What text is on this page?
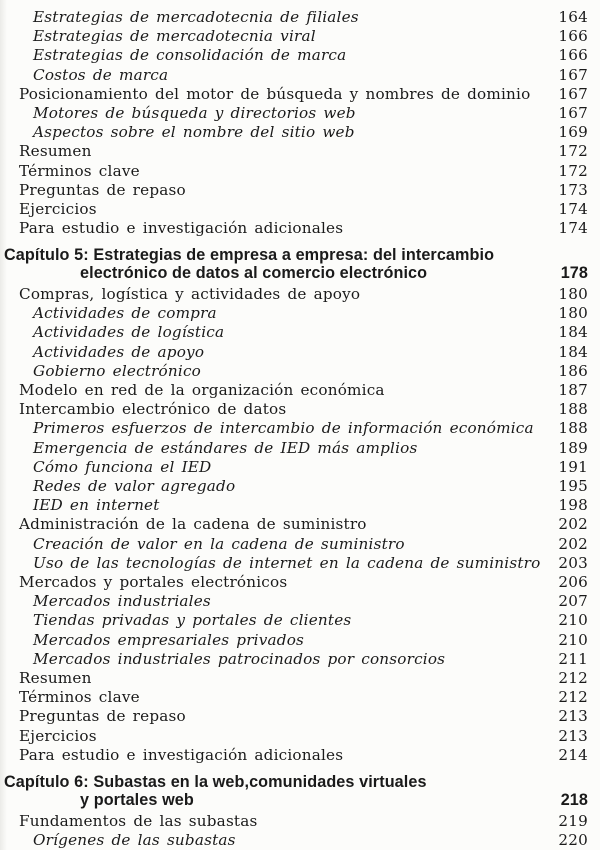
Estrategias de mercadotecnia de filiales	164
Estrategias de mercadotecnia viral	166
Estrategias de consolidación de marca	166
Costos de marca	167
Posicionamiento del motor de búsqueda y nombres de dominio 167
Motores de búsqueda y directorios web	167
Aspectos sobre el nombre del sitio web	169
Resumen	172
Términos clave	172
Preguntas de repaso	173
Ejercicios	174
Para estudio e investigación adicionales	174
Capítulo 5: Estrategias de empresa a empresa: del intercambio
electrónico de datos al comercio electrónico	178
Compras, logística y actividades de apoyo	180
Actividades de compra	180
Actividades de logística	184
Actividades de apoyo	184
Gobierno electrónico	186
Modelo en red de la organización económica	187
Intercambio electrónico de datos	188
Primeros esfuerzos de intercambio de información económica 188
Emergencia de estándares de IED más amplios	189
Cómo funciona el IED	191
Redes de valor agregado	195
IED en internet	198
Administración de la cadena de suministro	202
Creación de valor en la cadena de suministro	202
Uso de las tecnologías de internet en la cadena de suministro 203
Mercados y portales electrónicos	206
Mercados industriales	207
Tiendas privadas y portales de clientes	210
Mercados empresariales privados	210
Mercados industriales patrocinados por consorcios	211
Resumen	212
Términos clave	212
Preguntas de repaso	213
Ejercicios	213
Para estudio e investigación adicionales	214
Capítulo 6: Subastas en la web,comunidades virtuales
y portales web	218
Fundamentos de las subastas	219
Orígenes de las subastas	220
